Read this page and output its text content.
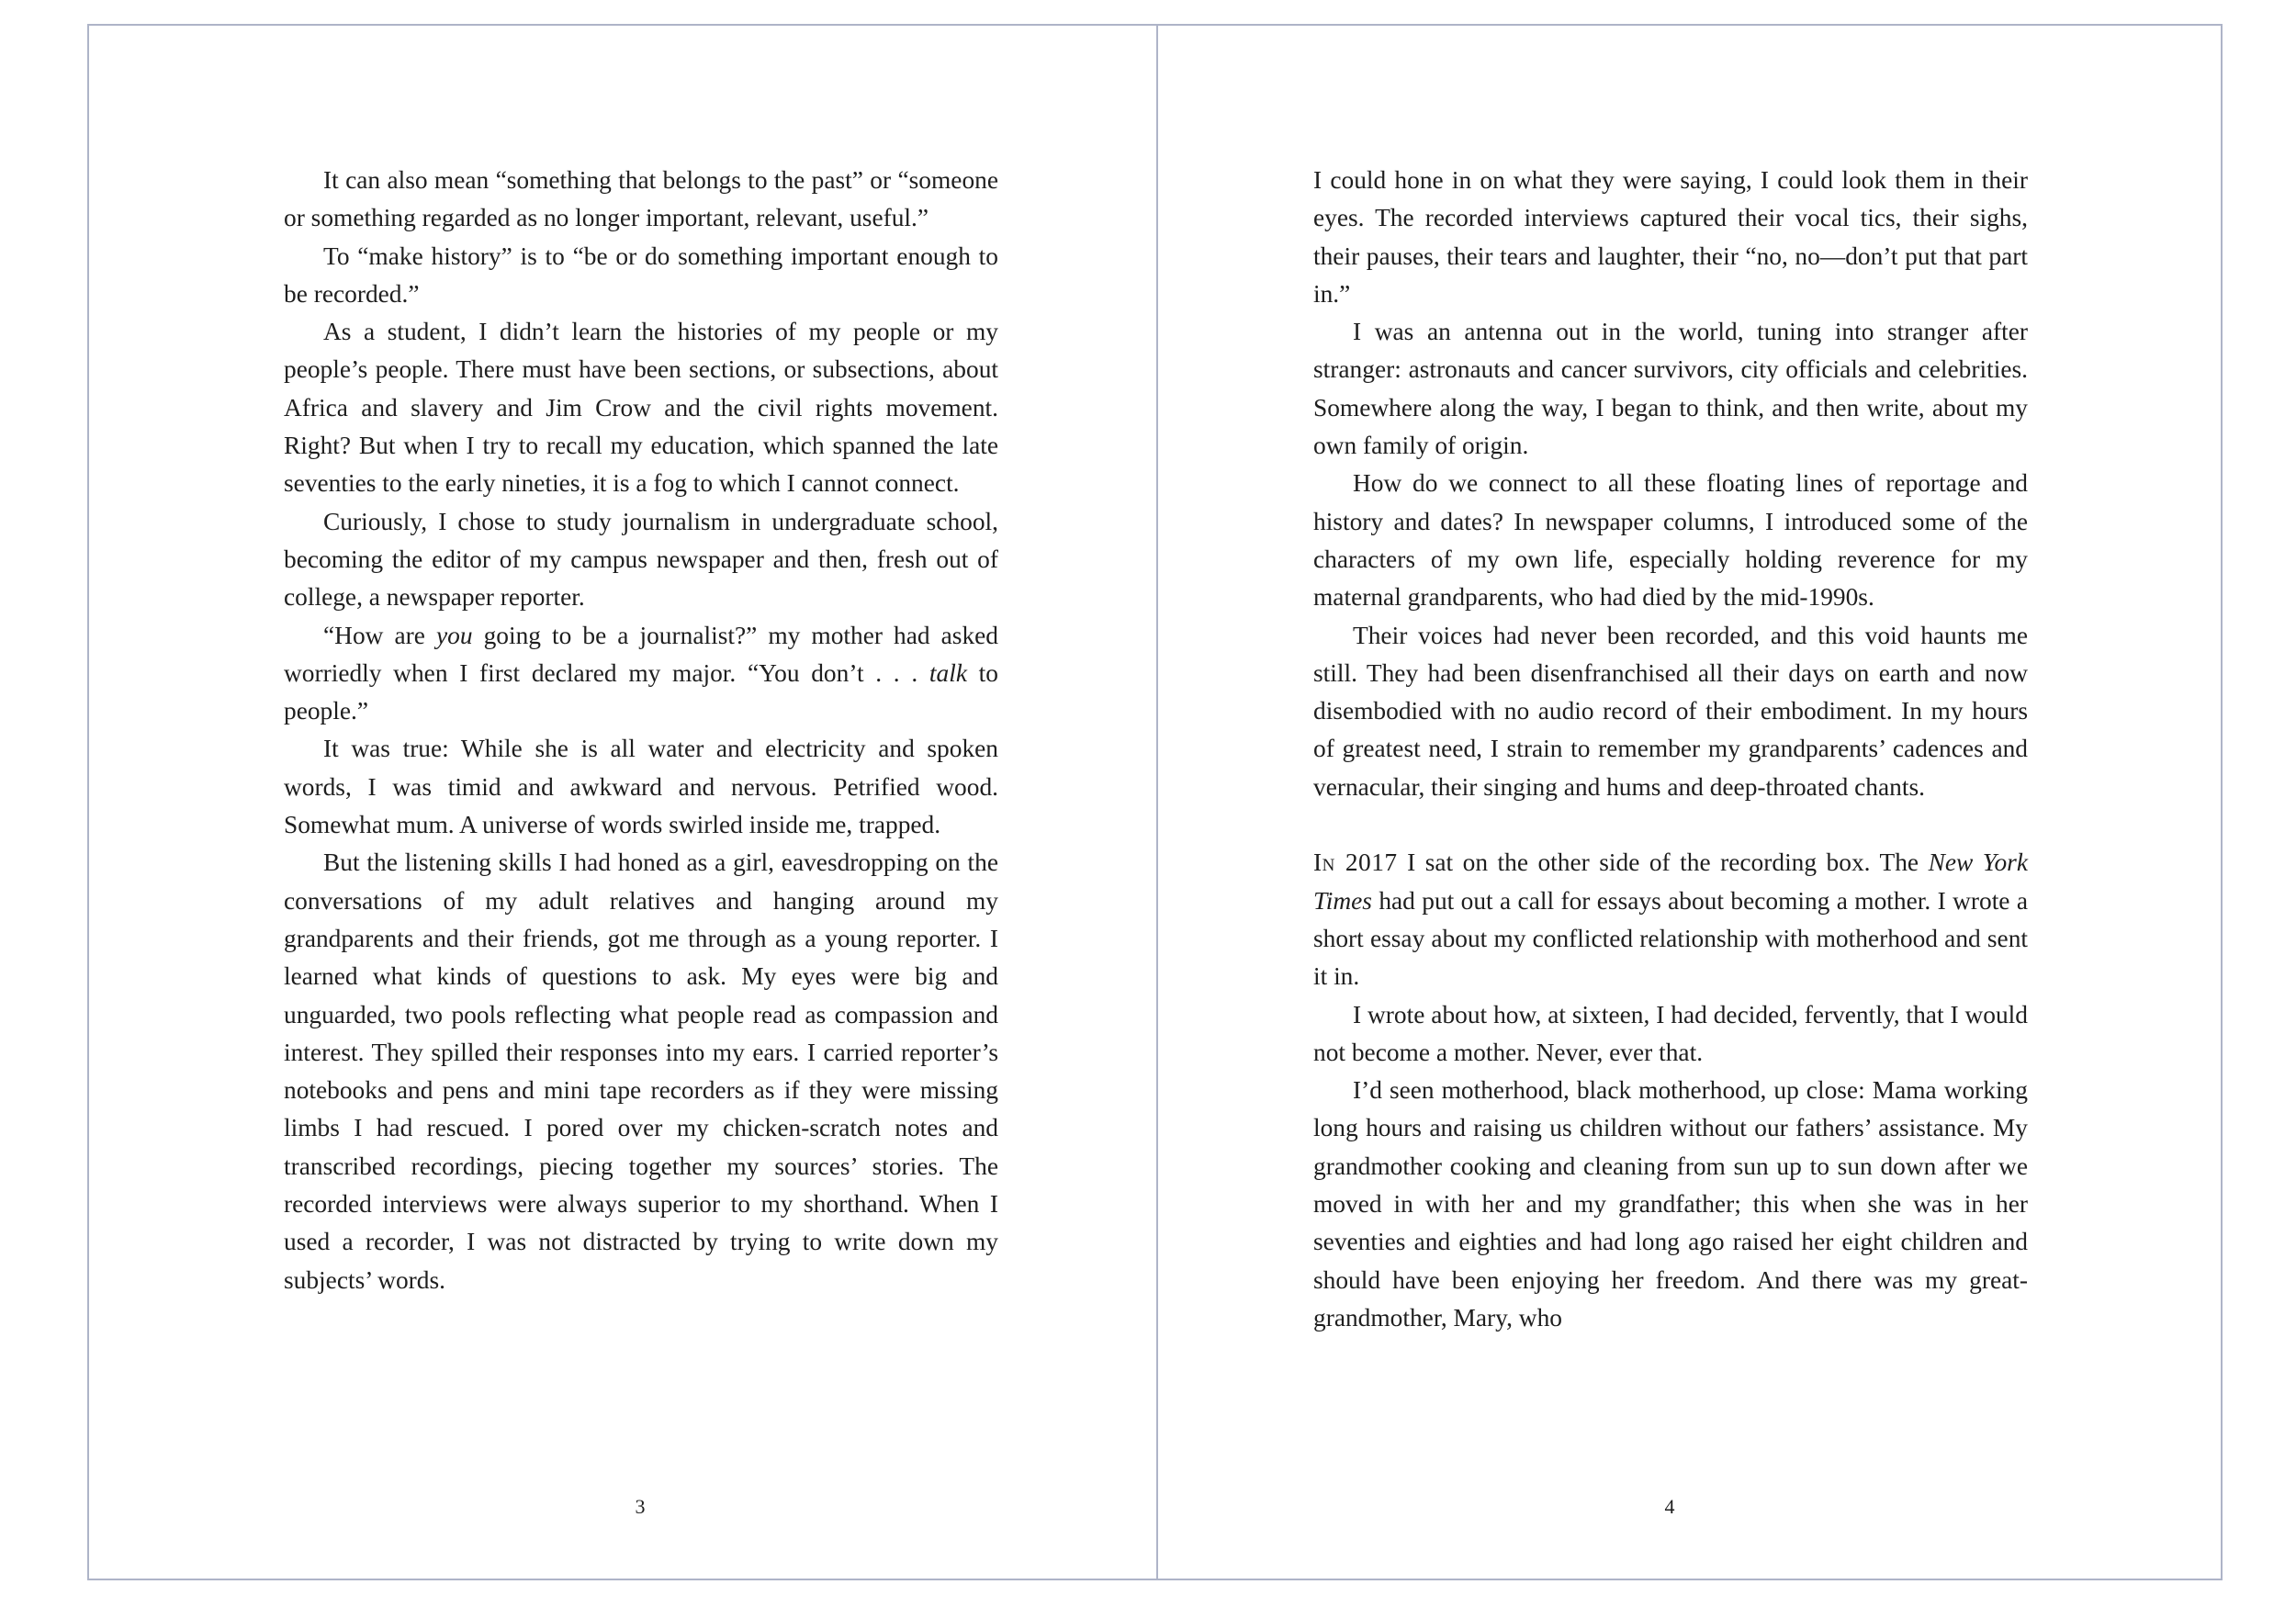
It can also mean “something that belongs to the past” or “someone or something regarded as no longer important, relevant, useful.”

To “make history” is to “be or do something important enough to be recorded.”

As a student, I didn’t learn the histories of my people or my people’s people. There must have been sections, or subsections, about Africa and slavery and Jim Crow and the civil rights movement. Right? But when I try to recall my education, which spanned the late seventies to the early nineties, it is a fog to which I cannot connect.

Curiously, I chose to study journalism in undergraduate school, becoming the editor of my campus newspaper and then, fresh out of college, a newspaper reporter.

“How are you going to be a journalist?” my mother had asked worriedly when I first declared my major. “You don’t . . . talk to people.”

It was true: While she is all water and electricity and spoken words, I was timid and awkward and nervous. Petrified wood. Somewhat mum. A universe of words swirled inside me, trapped.

But the listening skills I had honed as a girl, eavesdropping on the conversations of my adult relatives and hanging around my grandparents and their friends, got me through as a young reporter. I learned what kinds of questions to ask. My eyes were big and unguarded, two pools reflecting what people read as compassion and interest. They spilled their responses into my ears. I carried reporter’s notebooks and pens and mini tape recorders as if they were missing limbs I had rescued. I pored over my chicken-scratch notes and transcribed recordings, piecing together my sources’ stories. The recorded interviews were always superior to my shorthand. When I used a recorder, I was not distracted by trying to write down my subjects’ words.

3

I could hone in on what they were saying, I could look them in their eyes. The recorded interviews captured their vocal tics, their sighs, their pauses, their tears and laughter, their “no, no—don’t put that part in.”

I was an antenna out in the world, tuning into stranger after stranger: astronauts and cancer survivors, city officials and celebrities. Somewhere along the way, I began to think, and then write, about my own family of origin.

How do we connect to all these floating lines of reportage and history and dates? In newspaper columns, I introduced some of the characters of my own life, especially holding reverence for my maternal grandparents, who had died by the mid-1990s.

Their voices had never been recorded, and this void haunts me still. They had been disenfranchised all their days on earth and now disembodied with no audio record of their embodiment. In my hours of greatest need, I strain to remember my grandparents’ cadences and vernacular, their singing and hums and deep-throated chants.

In 2017 I sat on the other side of the recording box. The New York Times had put out a call for essays about becoming a mother. I wrote a short essay about my conflicted relationship with motherhood and sent it in.

I wrote about how, at sixteen, I had decided, fervently, that I would not become a mother. Never, ever that.

I’d seen motherhood, black motherhood, up close: Mama working long hours and raising us children without our fathers’ assistance. My grandmother cooking and cleaning from sun up to sun down after we moved in with her and my grandfather; this when she was in her seventies and eighties and had long ago raised her eight children and should have been enjoying her freedom. And there was my great-grandmother, Mary, who

4
